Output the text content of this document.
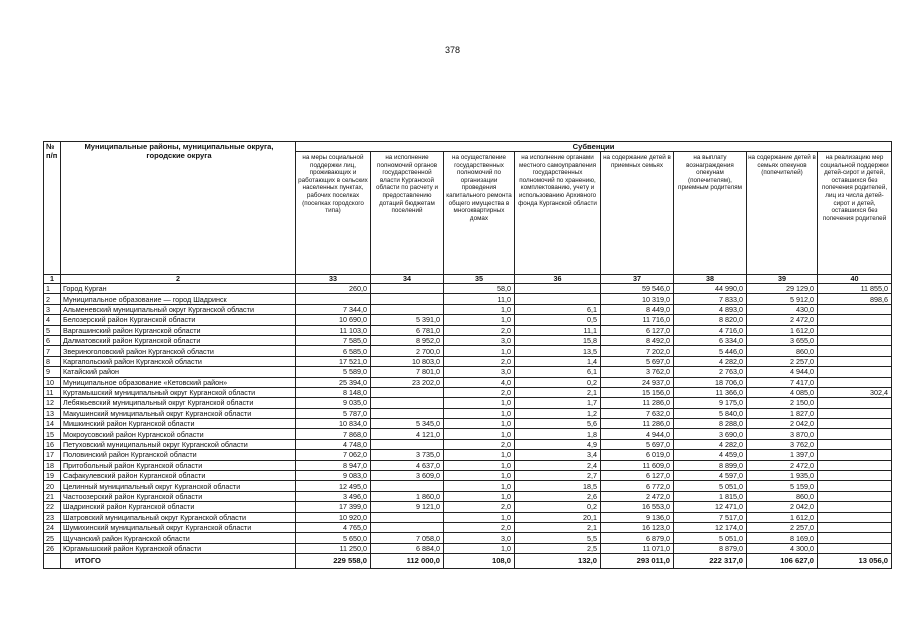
378
№ п/п	Муниципальные районы, муниципальные округа, городские округа	Субвенции							
		на меры социальной поддержки лиц, проживающих и работающих в сельских населенных пунктах, рабочих поселках (поселках городского типа)	на исполнение полномочий органов государственной власти Курганской области по расчету и предоставлению дотаций бюджетам поселений	на осуществление государственных полномочий по организации проведения капитального ремонта общего имущества в многоквартирных домах	на исполнение органами местного самоуправления государственных полномочий по хранению, комплектованию, учету и использованию Архивного фонда Курганской области	на содержание детей в приемных семьях	на выплату вознаграждения опекунам (попечителям), приемным родителям	на содержание детей в семьях опекунов (попечителей)	на реализацию мер социальной поддержки детей-сирот и детей, оставшихся без попечения родителей, лиц из числа детей-сирот и детей, оставшихся без попечения родителей
1	2	33	34	35	36	37	38	39	40
1	Город Курган	260,0		58,0		59 546,0	44 990,0	29 129,0	11 855,0
2	Муниципальное образование — город Шадринск			11,0		10 319,0	7 833,0	5 912,0	898,6
3	Альменевский муниципальный округ Курганской области	7 344,0		1,0	6,1	8 449,0	4 893,0	430,0	
4	Белозерский район Курганской области	10 690,0	5 391,0	1,0	0,5	11 716,0	8 820,0	2 472,0	
5	Варгашинский район Курганской области	11 103,0	6 781,0	2,0	11,1	6 127,0	4 716,0	1 612,0	
6	Далматовский район Курганской области	7 585,0	8 952,0	3,0	15,8	8 492,0	6 334,0	3 655,0	
7	Звериноголовский район Курганской области	6 585,0	2 700,0	1,0	13,5	7 202,0	5 446,0	860,0	
8	Каргапольский район Курганской области	17 521,0	10 803,0	2,0	1,4	5 697,0	4 282,0	2 257,0	
9	Катайский район	5 589,0	7 801,0	3,0	6,1	3 762,0	2 763,0	4 944,0	
10	Муниципальное образование «Кетовский район»	25 394,0	23 202,0	4,0	0,2	24 937,0	18 706,0	7 417,0	
11	Куртамышский муниципальный округ Курганской области	8 148,0		2,0	2,1	15 156,0	11 366,0	4 085,0	302,4
12	Лебяжьевский муниципальный округ Курганской области	9 035,0		1,0	1,7	11 286,0	9 175,0	2 150,0	
13	Макушинский муниципальный округ Курганской области	5 787,0		1,0	1,2	7 632,0	5 840,0	1 827,0	
14	Мишкинский район Курганской области	10 834,0	5 345,0	1,0	5,6	11 286,0	8 288,0	2 042,0	
15	Мокроусовский район Курганской области	7 868,0	4 121,0	1,0	1,8	4 944,0	3 690,0	3 870,0	
16	Петуховский муниципальный округ Курганской области	4 748,0		2,0	4,9	5 697,0	4 282,0	3 762,0	
17	Половинский район Курганской области	7 062,0	3 735,0	1,0	3,4	6 019,0	4 459,0	1 397,0	
18	Притобольный район Курганской области	8 947,0	4 637,0	1,0	2,4	11 609,0	8 899,0	2 472,0	
19	Сафакулевский район Курганской области	9 083,0	3 609,0	1,0	2,7	6 127,0	4 597,0	1 935,0	
20	Целинный муниципальный округ Курганской области	12 495,0		1,0	18,5	6 772,0	5 051,0	5 159,0	
21	Частоозерский район Курганской области	3 496,0	1 860,0	1,0	2,6	2 472,0	1 815,0	860,0	
22	Шадринский район Курганской области	17 399,0	9 121,0	2,0	0,2	16 553,0	12 471,0	2 042,0	
23	Шатровский муниципальный округ Курганской области	10 920,0		1,0	20,1	9 136,0	7 517,0	1 612,0	
24	Шумихинский муниципальный округ Курганской области	4 765,0		2,0	2,1	16 123,0	12 174,0	2 257,0	
25	Щучанский район Курганской области	5 650,0	7 058,0	3,0	5,5	6 879,0	5 051,0	8 169,0	
26	Юргамышский район Курганской области	11 250,0	6 884,0	1,0	2,5	11 071,0	8 879,0	4 300,0	
	ИТОГО	229 558,0	112 000,0	108,0	132,0	293 011,0	222 317,0	106 627,0	13 056,0
